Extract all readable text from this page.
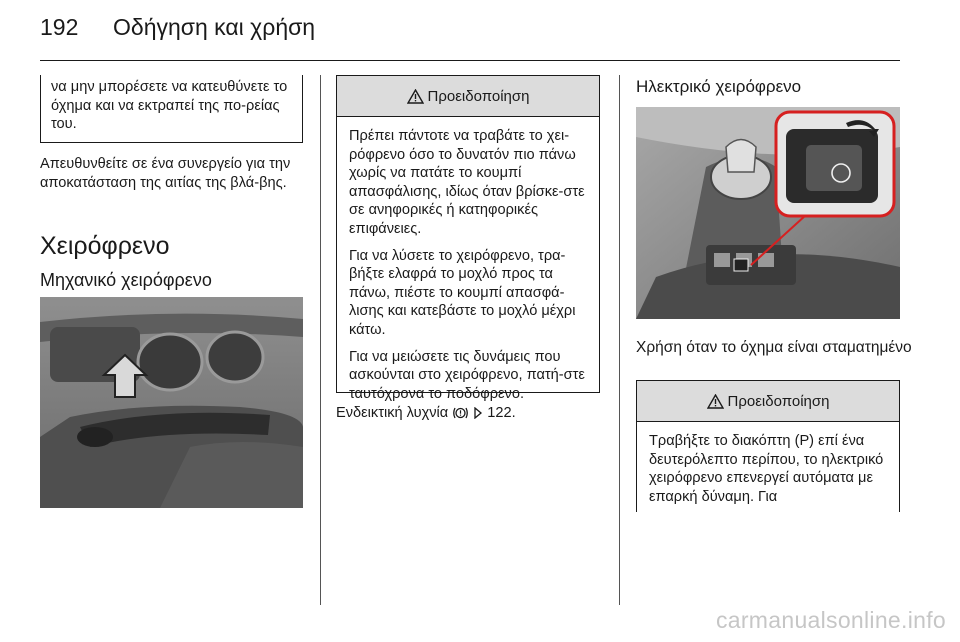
192 Οδήγηση και χρήση

να μην μπορέσετε να κατευθύνετε το όχημα και να εκτραπεί της πο-ρείας του.

Απευθυνθείτε σε ένα συνεργείο για την αποκατάσταση της αιτίας της βλά-βης.

Χειρόφρενο
Μηχανικό χειρόφρενο
Προειδοποίηση

Πρέπει πάντοτε να τραβάτε το χει-ρόφρενο όσο το δυνατόν πιο πάνω χωρίς να πατάτε το κουμπί απασφάλισης, ιδίως όταν βρίσκε-στε σε ανηφορικές ή κατηφορικές επιφάνειες.

Για να λύσετε το χειρόφρενο, τρα-βήξτε ελαφρά το μοχλό προς τα πάνω, πιέστε το κουμπί απασφά-λισης και κατεβάστε το μοχλό μέχρι κάτω.

Για να μειώσετε τις δυνάμεις που ασκούνται στο χειρόφρενο, πατή-στε ταυτόχρονα το ποδόφρενο.

Ενδεικτική λυχνία	122.
Ηλεκτρικό χειρόφρενο
Χρήση όταν το όχημα είναι σταματημένο
Προειδοποίηση

Τραβήξτε το διακόπτη (P) επί ένα δευτερόλεπτο περίπου, το ηλεκτρικό χειρόφρενο επενεργεί αυτόματα με επαρκή δύναμη. Για

carmanualsonline.info
